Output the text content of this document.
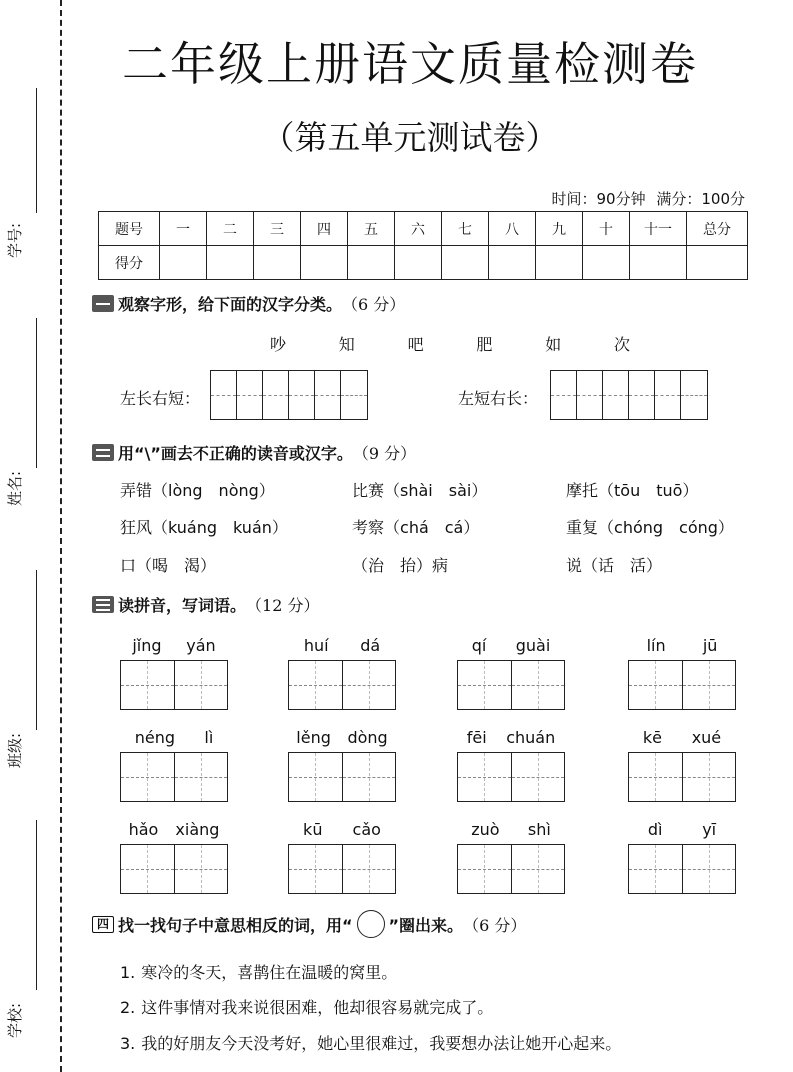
学号:
姓名:
班级:
学校:
二年级上册语文质量检测卷
（第五单元测试卷）
时间：90分钟 满分：100分
题号	一	二	三	四	五	六	七	八	九	十	十一	总分
得分												
观察字形，给下面的汉字分类。 （6 分）
吵	知	吧	肥	如	次
左长右短：	左短右长：
用“\”画去不正确的读音或汉字。 （9 分）
弄错（lòng　nòng）	比赛（shài　sài）	摩托（tōu　tuō）
狂风（kuáng　kuán）	考察（chá　cá）	重复（chóng　cóng）
口（喝　渴）	（治　抬）病	说（话　活）
读拼音，写词语。 （12 分）
jǐng yán	huí dá	qí guài	lín jū
néng lì	lěng dòng	fēi chuán	kē xué
hǎo xiàng	kū cǎo	zuò shì	dì yī
四 找一找句子中意思相反的词，用“ ”圈出来。 （6 分）
1. 寒冷的冬天，喜鹊住在温暖的窝里。
2. 这件事情对我来说很困难，他却很容易就完成了。
3. 我的好朋友今天没考好，她心里很难过，我要想办法让她开心起来。
